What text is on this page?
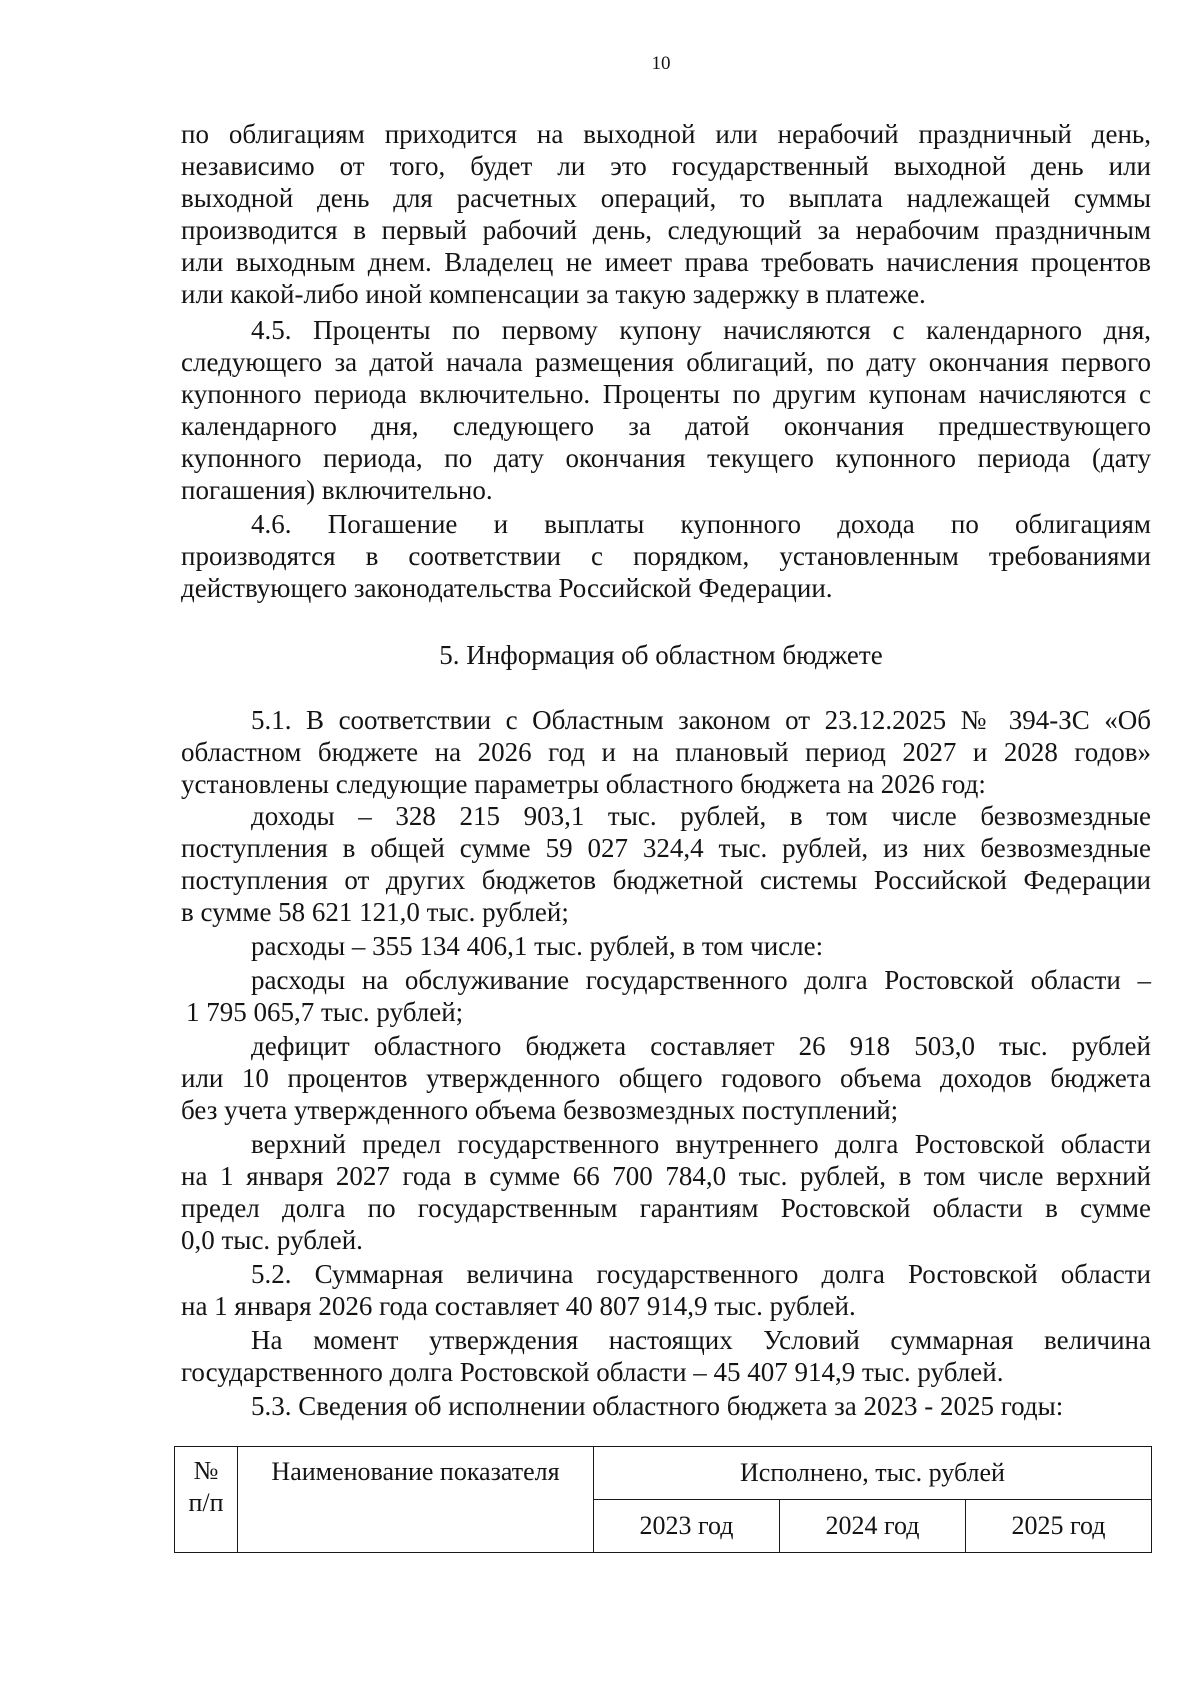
10
по облигациям приходится на выходной или нерабочий праздничный день,
независимо от того, будет ли это государственный выходной день или
выходной день для расчетных операций, то выплата надлежащей суммы
производится в первый рабочий день, следующий за нерабочим праздничным
или выходным днем. Владелец не имеет права требовать начисления процентов
или какой-либо иной компенсации за такую задержку в платеже.
4.5. Проценты по первому купону начисляются с календарного дня,
следующего за датой начала размещения облигаций, по дату окончания первого
купонного периода включительно. Проценты по другим купонам начисляются с
календарного дня, следующего за датой окончания предшествующего
купонного периода, по дату окончания текущего купонного периода (дату
погашения) включительно.
4.6. Погашение и выплаты купонного дохода по облигациям
производятся в соответствии с порядком, установленным требованиями
действующего законодательства Российской Федерации.
5. Информация об областном бюджете
5.1. В соответствии с Областным законом от 23.12.2025 № 394-ЗС «Об
областном бюджете на 2026 год и на плановый период 2027 и 2028 годов»
установлены следующие параметры областного бюджета на 2026 год:
доходы – 328 215 903,1 тыс. рублей, в том числе безвозмездные
поступления в общей сумме 59 027 324,4 тыс. рублей, из них безвозмездные
поступления от других бюджетов бюджетной системы Российской Федерации
в сумме 58 621 121,0 тыс. рублей;
расходы – 355 134 406,1 тыс. рублей, в том числе:
расходы на обслуживание государственного долга Ростовской области –
1 795 065,7 тыс. рублей;
дефицит областного бюджета составляет 26 918 503,0 тыс. рублей
или 10 процентов утвержденного общего годового объема доходов бюджета
без учета утвержденного объема безвозмездных поступлений;
верхний предел государственного внутреннего долга Ростовской области
на 1 января 2027 года в сумме 66 700 784,0 тыс. рублей, в том числе верхний
предел долга по государственным гарантиям Ростовской области в сумме
0,0 тыс. рублей.
5.2. Суммарная величина государственного долга Ростовской области
на 1 января 2026 года составляет 40 807 914,9 тыс. рублей.
На момент утверждения настоящих Условий суммарная величина
государственного долга Ростовской области – 45 407 914,9 тыс. рублей.
5.3. Сведения об исполнении областного бюджета за 2023 - 2025 годы:
№
п/п	Наименование показателя	Исполнено, тыс. рублей		
		2023 год	2024 год	2025 год
